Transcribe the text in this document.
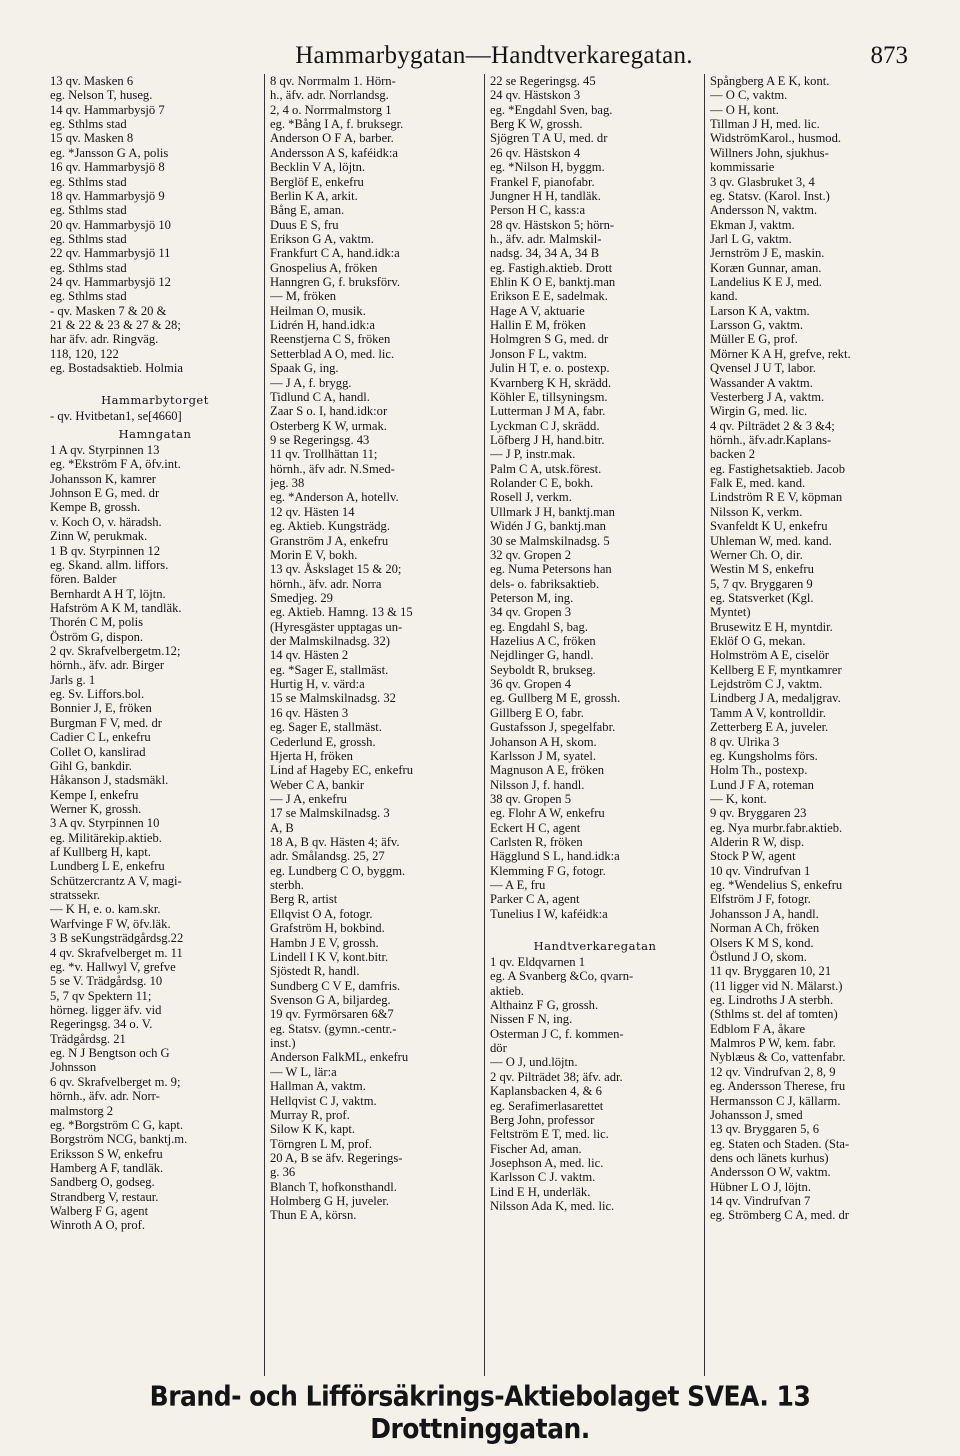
Hammarbygatan—Handtverkaregatan.	873
13 qv. Masken 6
eg. Nelson T, huseg.
14 qv. Hammarbysjö 7
eg. Sthlms stad
15 qv. Masken 8
eg. *Jansson G A, polis
16 qv. Hammarbysjö 8
eg. Sthlms stad
18 qv. Hammarbysjö 9
eg. Sthlms stad
20 qv. Hammarbysjö 10
eg. Sthlms stad
22 qv. Hammarbysjö 11
eg. Sthlms stad
24 qv. Hammarbysjö 12
eg. Sthlms stad
- qv. Masken 7 & 20 &
21 & 22 & 23 & 27 & 28;
har äfv. adr. Ringväg.
118, 120, 122
eg. Bostadsaktieb. Holmia

Hammarbytorget
- qv. Hvitbetan1, se[4660]
Hamngatan
1 A qv. Styrpinnen 13
eg. *Ekström F A, öfv.int.
Johansson K, kamrer
Johnson E G, med. dr
Kempe B, grossh.
v. Koch O, v. häradsh.
Zinn W, perukmak.
1 B qv. Styrpinnen 12
eg. Skand. allm. liffors.
fören. Balder
Bernhardt A H T, löjtn.
Hafström A K M, tandläk.
Thorén C M, polis
Öström G, dispon.
2 qv. Skrafvelbergetm.12;
hörnh., äfv. adr. Birger
Jarls g. 1
eg. Sv. Liffors.bol.
Bonnier J, E, fröken
Burgman F V, med. dr
Cadier C L, enkefru
Collet O, kanslirad
Gihl G, bankdir.
Håkanson J, stadsmäkl.
Kempe I, enkefru
Werner K, grossh.
3 A qv. Styrpinnen 10
eg. Militärekip.aktieb.
af Kullberg H, kapt.
Lundberg L E, enkefru
Schützercrantz A V, magi-
stratssekr.
— K H, e. o. kam.skr.
Warfvinge F W, öfv.läk.
3 B seKungsträdgårdsg.22
4 qv. Skrafvelberget m. 11
eg. *v. Hallwyl V, grefve
5 se V. Trädgårdsg. 10
5, 7 qv Spektern 11;
hörneg. ligger äfv. vid
Regeringsg. 34 o. V.
Trädgårdsg. 21
eg. N J Bengtson och G
Johnsson
6 qv. Skrafvelberget m. 9;
hörnh., äfv. adr. Norr-
malmstorg 2
eg. *Borgström C G, kapt.
Borgström NCG, banktj.m.
Eriksson S W, enkefru
Hamberg A F, tandläk.
Sandberg O, godseg.
Strandberg V, restaur.
Walberg F G, agent
Winroth A O, prof.
8 qv. Norrmalm 1. Hörn-
h., äfv. adr. Norrlandsg.
2, 4 o. Norrmalmstorg 1
eg. *Bång I A, f. bruksegr.
Anderson O F A, barber.
Andersson A S, kaféidk:a
Becklin V A, löjtn.
Berglöf E, enkefru
Berlin K A, arkit.
Bång E, aman.
Duus E S, fru
Erikson G A, vaktm.
Frankfurt C A, hand.idk:a
Gnospelius A, fröken
Hanngren G, f. bruksförv.
— M, fröken
Heilman O, musik.
Lidrén H, hand.idk:a
Reenstjerna C S, fröken
Setterblad A O, med. lic.
Spaak G, ing.
— J A, f. brygg.
Tidlund C A, handl.
Zaar S o. I, hand.idk:or
Osterberg K W, urmak.
9 se Regeringsg. 43
11 qv. Trollhättan 11;
hörnh., äfv adr. N.Smed-
jeg. 38
eg. *Anderson A, hotellv.
12 qv. Hästen 14
eg. Aktieb. Kungsträdg.
Granström J A, enkefru
Morin E V, bokh.
13 qv. Åskslaget 15 & 20;
hörnh., äfv. adr. Norra
Smedjeg. 29
eg. Aktieb. Hamng. 13 & 15
(Hyresgäster upptagas un-
der Malmskilnadsg. 32)
14 qv. Hästen 2
eg. *Sager E, stallmäst.
Hurtig H, v. värd:a
15 se Malmskilnadsg. 32
16 qv. Hästen 3
eg. Sager E, stallmäst.
Cederlund E, grossh.
Hjerta H, fröken
Lind af Hageby EC, enkefru
Weber C A, bankir
— J A, enkefru
17 se Malmskilnadsg. 3
A, B
18 A, B qv. Hästen 4; äfv.
adr. Smålandsg. 25, 27
eg. Lundberg C O, byggm.
sterbh.
Berg R, artist
Ellqvist O A, fotogr.
Grafström H, bokbind.
Hambn J E V, grossh.
Lindell I K V, kont.bitr.
Sjöstedt R, handl.
Sundberg C V E, damfris.
Svenson G A, biljardeg.
19 qv. Fyrmörsaren 6&7
eg. Statsv. (gymn.-centr.-
inst.)
Anderson FalkML, enkefru
— W L, lär:a
Hallman A, vaktm.
Hellqvist C J, vaktm.
Murray R, prof.
Silow K K, kapt.
Törngren L M, prof.
20 A, B se äfv. Regerings-
g. 36
Blanch T, hofkonsthandl.
Holmberg G H, juveler.
Thun E A, körsn.
22 se Regeringsg. 45
24 qv. Hästskon 3
eg. *Engdahl Sven, bag.
Berg K W, grossh.
Sjögren T A U, med. dr
26 qv. Hästskon 4
eg. *Nilson H, byggm.
Frankel F, pianofabr.
Jungner H H, tandläk.
Person H C, kass:a
28 qv. Hästskon 5; hörn-
h., äfv. adr. Malmskil-
nadsg. 34, 34 A, 34 B
eg. Fastigh.aktieb. Drott
Ehlin K O E, banktj.man
Erikson E E, sadelmak.
Hage A V, aktuarie
Hallin E M, fröken
Holmgren S G, med. dr
Jonson F L, vaktm.
Julin H T, e. o. postexp.
Kvarnberg K H, skrädd.
Köhler E, tillsyningsm.
Lutterman J M A, fabr.
Lyckman C J, skrädd.
Löfberg J H, hand.bitr.
— J P, instr.mak.
Palm C A, utsk.förest.
Rolander C E, bokh.
Rosell J, verkm.
Ullmark J H, banktj.man
Widén J G, banktj.man
30 se Malmskilnadsg. 5
32 qv. Gropen 2
eg. Numa Petersons han
dels- o. fabriksaktieb.
Peterson M, ing.
34 qv. Gropen 3
eg. Engdahl S, bag.
Hazelius A C, fröken
Nejdlinger G, handl.
Seyboldt R, brukseg.
36 qv. Gropen 4
eg. Gullberg M E, grossh.
Gillberg E O, fabr.
Gustafsson J, spegelfabr.
Johanson A H, skom.
Karlsson J M, syatel.
Magnuson A E, fröken
Nilsson J, f. handl.
38 qv. Gropen 5
eg. Flohr A W, enkefru
Eckert H C, agent
Carlsten R, fröken
Hägglund S L, hand.idk:a
Klemming F G, fotogr.
— A E, fru
Parker C A, agent
Tunelius I W, kaféidk:a

Handtverkaregatan
1 qv. Eldqvarnen 1
eg. A Svanberg &Co, qvarn-
aktieb.
Althainz F G, grossh.
Nissen F N, ing.
Osterman J C, f. kommen-
dör
— O J, und.löjtn.
2 qv. Pilträdet 38; äfv. adr.
Kaplansbacken 4, & 6
eg. Serafimerlasarettet
Berg John, professor
Feltström E T, med. lic.
Fischer Ad, aman.
Josephson A, med. lic.
Karlsson C J. vaktm.
Lind E H, underläk.
Nilsson Ada K, med. lic.
Spångberg A E K, kont.
— O C, vaktm.
— O H, kont.
Tillman J H, med. lic.
WidströmKarol., husmod.
Willners John, sjukhus-
kommissarie
3 qv. Glasbruket 3, 4
eg. Statsv. (Karol. Inst.)
Andersson N, vaktm.
Ekman J, vaktm.
Jarl L G, vaktm.
Jernström J E, maskin.
Koræn Gunnar, aman.
Landelius K E J, med.
kand.
Larson K A, vaktm.
Larsson G, vaktm.
Müller E G, prof.
Mörner K A H, grefve, rekt.
Qvensel J U T, labor.
Wassander A vaktm.
Vesterberg J A, vaktm.
Wirgin G, med. lic.
4 qv. Pilträdet 2 & 3 &4;
hörnh., äfv.adr.Kaplans-
backen 2
eg. Fastighetsaktieb. Jacob
Falk E, med. kand.
Lindström R E V, köpman
Nilsson K, verkm.
Svanfeldt K U, enkefru
Uhleman W, med. kand.
Werner Ch. O, dir.
Westin M S, enkefru
5, 7 qv. Bryggaren 9
eg. Statsverket (Kgl.
Myntet)
Brusewitz E H, myntdir.
Eklöf O G, mekan.
Holmström A E, ciselör
Kellberg E F, myntkamrer
Lejdström C J, vaktm.
Lindberg J A, medaljgrav.
Tamm A V, kontrolldir.
Zetterberg E A, juveler.
8 qv. Ulrika 3
eg. Kungsholms förs.
Holm Th., postexp.
Lund J F A, roteman
— K, kont.
9 qv. Bryggaren 23
eg. Nya murbr.fabr.aktieb.
Alderin R W, disp.
Stock P W, agent
10 qv. Vindrufvan 1
eg. *Wendelius S, enkefru
Elfström J F, fotogr.
Johansson J A, handl.
Norman A Ch, fröken
Olsers K M S, kond.
Östlund J O, skom.
11 qv. Bryggaren 10, 21
(11 ligger vid N. Mälarst.)
eg. Lindroths J A sterbh.
(Sthlms st. del af tomten)
Edblom F A, åkare
Malmros P W, kem. fabr.
Nyblæus & Co, vattenfabr.
12 qv. Vindrufvan 2, 8, 9
eg. Andersson Therese, fru
Hermansson C J, källarm.
Johansson J, smed
13 qv. Bryggaren 5, 6
eg. Staten och Staden. (Sta-
dens och länets kurhus)
Andersson O W, vaktm.
Hübner L O J, löjtn.
14 qv. Vindrufvan 7
eg. Strömberg C A, med. dr
Brand- och Lifförsäkrings-Aktiebolaget SVEA. 13 Drottninggatan.
